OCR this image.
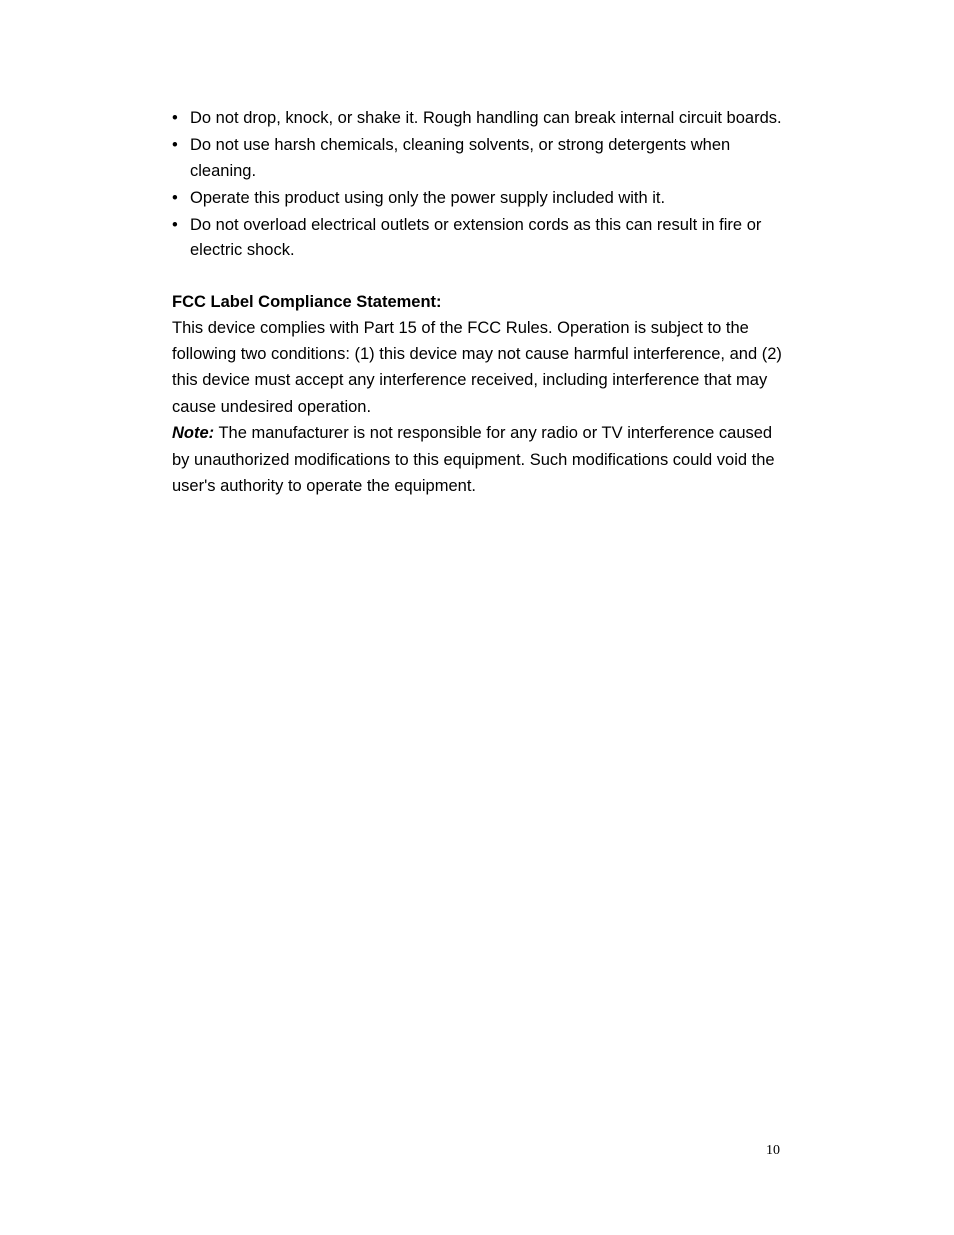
• Do not drop, knock, or shake it. Rough handling can break internal circuit boards.
• Do not use harsh chemicals, cleaning solvents, or strong detergents when cleaning.
• Operate this product using only the power supply included with it.
• Do not overload electrical outlets or extension cords as this can result in fire or electric shock.

FCC Label Compliance Statement:

This device complies with Part 15 of the FCC Rules. Operation is subject to the following two conditions: (1) this device may not cause harmful interference, and (2) this device must accept any interference received, including interference that may cause undesired operation.

Note: The manufacturer is not responsible for any radio or TV interference caused by unauthorized modifications to this equipment. Such modifications could void the user's authority to operate the equipment.

10
